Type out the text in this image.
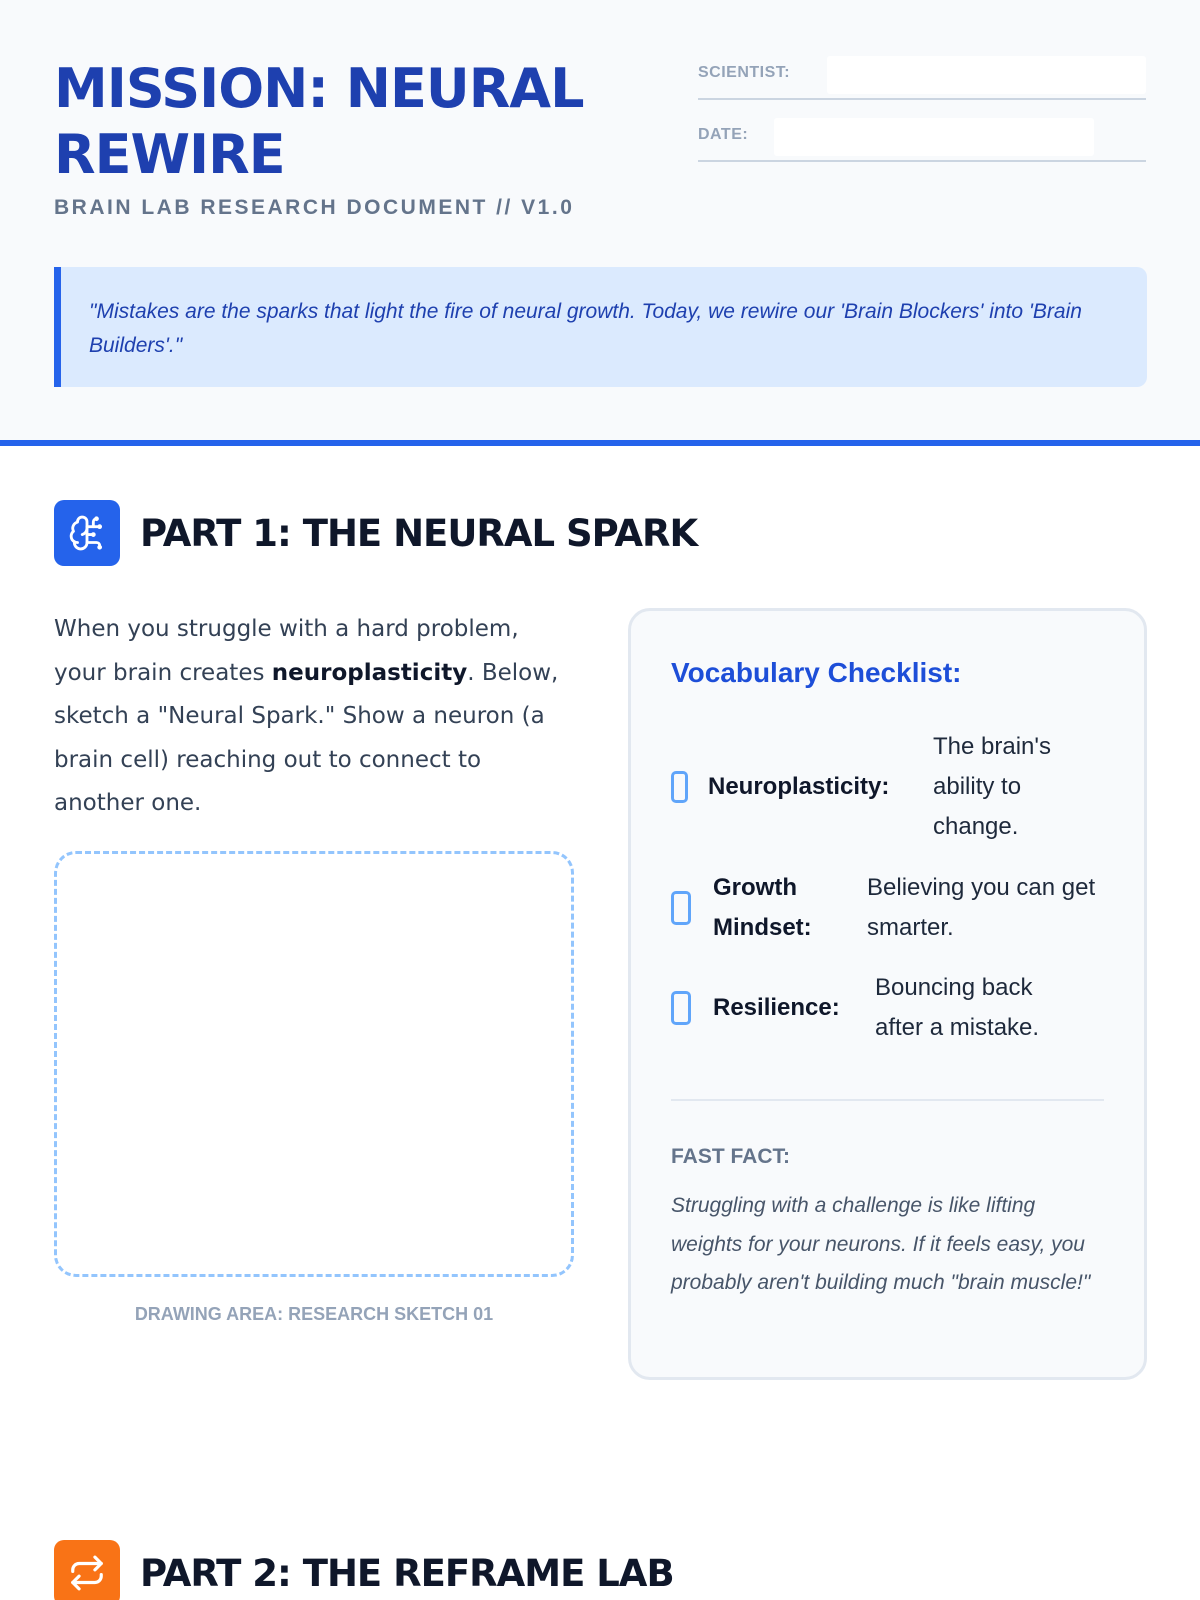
MISSION: NEURAL REWIRE
BRAIN LAB RESEARCH DOCUMENT // V1.0
SCIENTIST:
DATE:

"Mistakes are the sparks that light the fire of neural growth. Today, we rewire our 'Brain Blockers' into 'Brain Builders'."

PART 1: THE NEURAL SPARK

When you struggle with a hard problem, your brain creates neuroplasticity. Below, sketch a "Neural Spark." Show a neuron (a brain cell) reaching out to connect to another one.

DRAWING AREA: RESEARCH SKETCH 01
Vocabulary Checklist:
Neuroplasticity:
The brain's ability to change.
Growth Mindset:
Believing you can get smarter.
Resilience:
Bouncing back after a mistake.
FAST FACT:

Struggling with a challenge is like lifting weights for your neurons. If it feels easy, you probably aren't building much "brain muscle!"

PART 2: THE REFRAME LAB
